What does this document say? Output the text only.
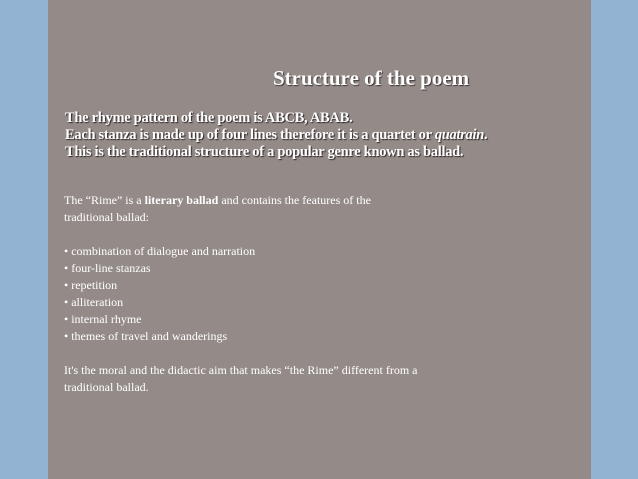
Structure of the poem
The rhyme pattern of the poem is ABCB, ABAB.
Each stanza is made up of four lines therefore it is a quartet or quatrain.
This is the traditional structure of a popular genre known as ballad.

The “Rime” is a literary ballad and contains the features of the

traditional ballad:

• combination of dialogue and narration
• four-line stanzas
• repetition
• alliteration
• internal rhyme
• themes of travel and wanderings

It's the moral and the didactic aim that makes “the Rime” different from a

traditional ballad.
